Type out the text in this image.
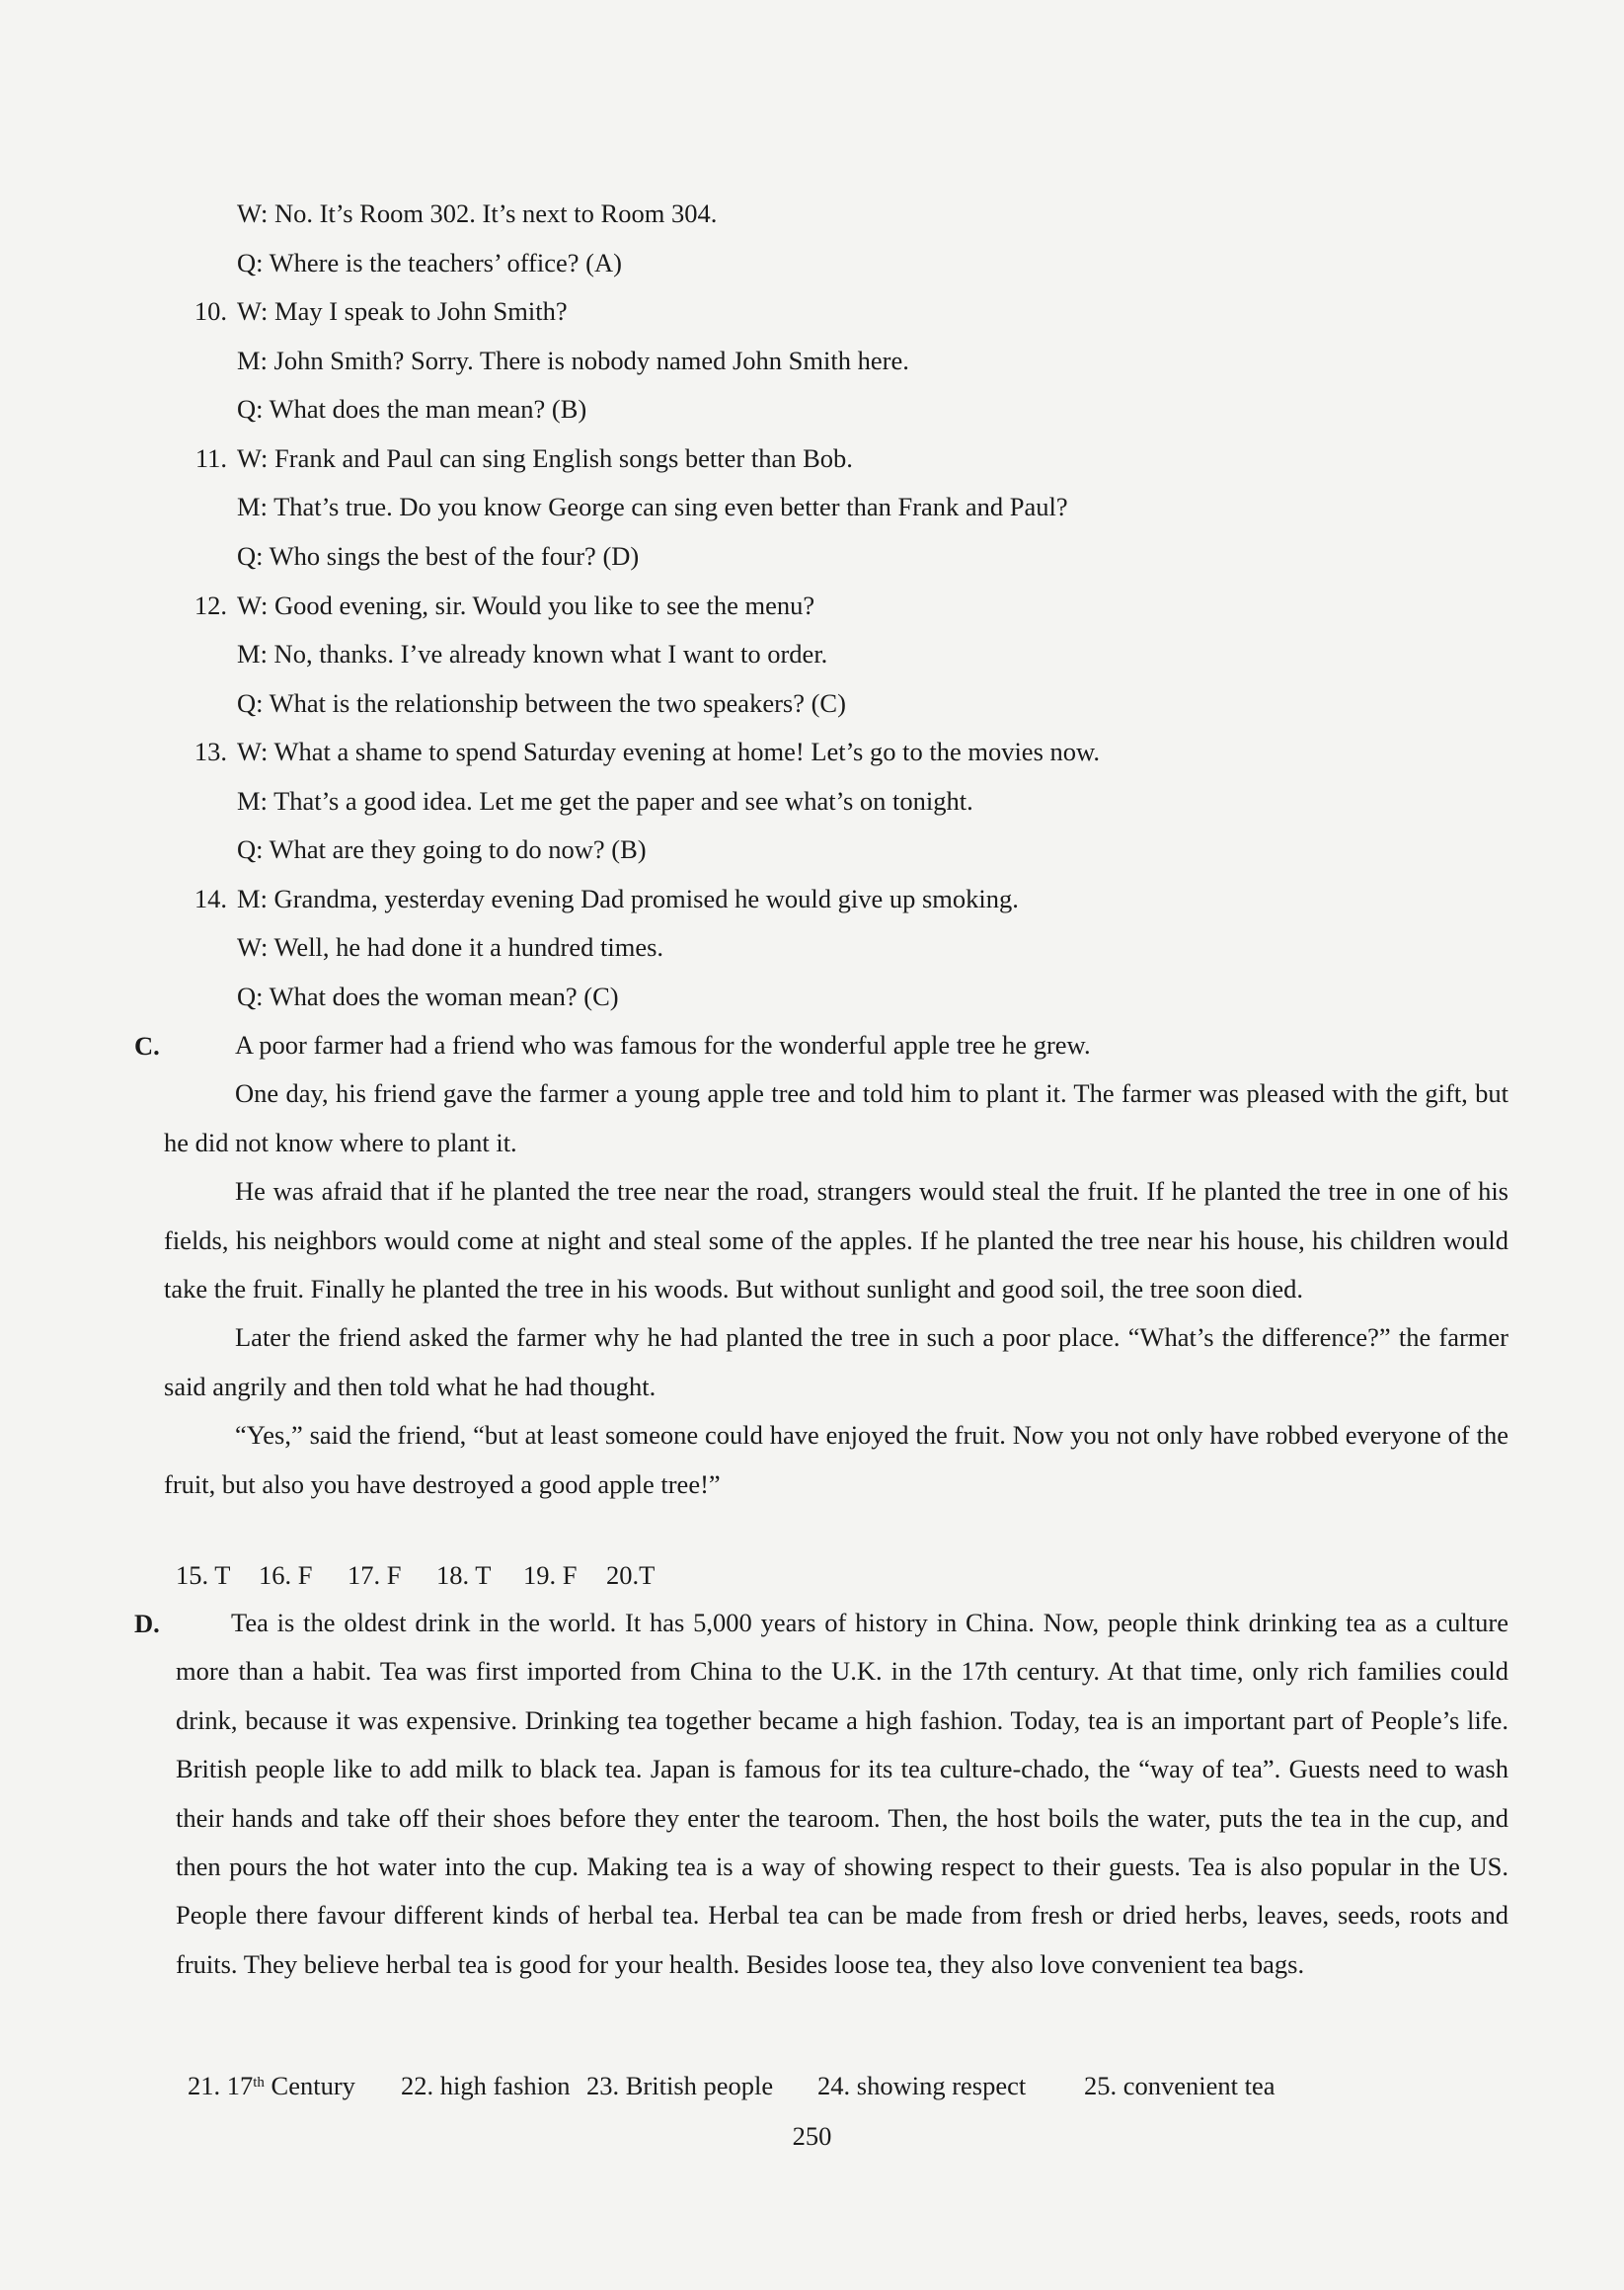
W: No. It’s Room 302. It’s next to Room 304.
Q: Where is the teachers’ office? (A)
10. W: May I speak to John Smith?
M: John Smith? Sorry. There is nobody named John Smith here.
Q: What does the man mean? (B)
11. W: Frank and Paul can sing English songs better than Bob.
M: That’s true. Do you know George can sing even better than Frank and Paul?
Q: Who sings the best of the four? (D)
12. W: Good evening, sir. Would you like to see the menu?
M: No, thanks. I’ve already known what I want to order.
Q: What is the relationship between the two speakers? (C)
13. W: What a shame to spend Saturday evening at home! Let’s go to the movies now.
M: That’s a good idea. Let me get the paper and see what’s on tonight.
Q: What are they going to do now? (B)
14. M: Grandma, yesterday evening Dad promised he would give up smoking.
W: Well, he had done it a hundred times.
Q: What does the woman mean? (C)
C.	A poor farmer had a friend who was famous for the wonderful apple tree he grew.

One day, his friend gave the farmer a young apple tree and told him to plant it. The farmer was pleased with the gift, but he did not know where to plant it.

He was afraid that if he planted the tree near the road, strangers would steal the fruit. If he planted the tree in one of his fields, his neighbors would come at night and steal some of the apples. If he planted the tree near his house, his children would take the fruit. Finally he planted the tree in his woods. But without sunlight and good soil, the tree soon died.

Later the friend asked the farmer why he had planted the tree in such a poor place. “What’s the difference?” the farmer said angrily and then told what he had thought.

“Yes,” said the friend, “but at least someone could have enjoyed the fruit. Now you not only have robbed everyone of the fruit, but also you have destroyed a good apple tree!”

15. T 16. F 17. F 18. T 19. F 20.T
D.	Tea is the oldest drink in the world. It has 5,000 years of history in China. Now, people think drinking tea as a culture more than a habit. Tea was first imported from China to the U.K. in the 17th century. At that time, only rich families could drink, because it was expensive. Drinking tea together became a high fashion. Today, tea is an important part of People’s life. British people like to add milk to black tea. Japan is famous for its tea culture-chado, the “way of tea”. Guests need to wash their hands and take off their shoes before they enter the tearoom. Then, the host boils the water, puts the tea in the cup, and then pours the hot water into the cup. Making tea is a way of showing respect to their guests. Tea is also popular in the US. People there favour different kinds of herbal tea. Herbal tea can be made from fresh or dried herbs, leaves, seeds, roots and fruits. They believe herbal tea is good for your health. Besides loose tea, they also love convenient tea bags.

21. 17th Century 22. high fashion 23. British people 24. showing respect 25. convenient tea
250
